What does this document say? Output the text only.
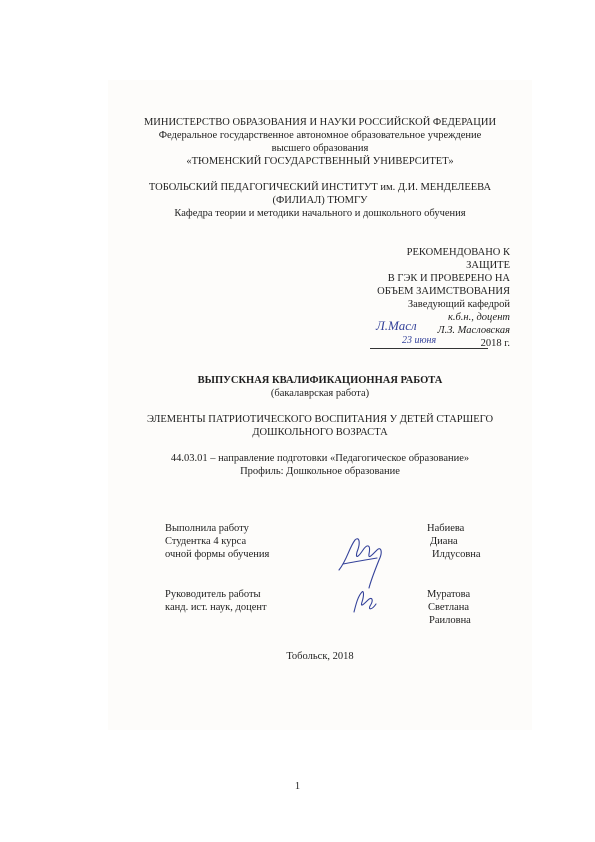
МИНИСТЕРСТВО ОБРАЗОВАНИЯ И НАУКИ РОССИЙСКОЙ ФЕДЕРАЦИИ
Федеральное государственное автономное образовательное учреждение
высшего образования
«ТЮМЕНСКИЙ ГОСУДАРСТВЕННЫЙ УНИВЕРСИТЕТ»
ТОБОЛЬСКИЙ ПЕДАГОГИЧЕСКИЙ ИНСТИТУТ им. Д.И. МЕНДЕЛЕЕВА
(ФИЛИАЛ) ТЮМГУ
Кафедра теории и методики начального и дошкольного обучения
РЕКОМЕНДОВАНО К
ЗАЩИТЕ
В ГЭК И ПРОВЕРЕНО НА
ОБЪЕМ ЗАИМСТВОВАНИЯ
Заведующий кафедрой
к.б.н., доцент
Л.З. Масловская
Л.Масл
23 июня	2018 г.
ВЫПУСКНАЯ КВАЛИФИКАЦИОННАЯ РАБОТА
(бакалаврская работа)
ЭЛЕМЕНТЫ ПАТРИОТИЧЕСКОГО ВОСПИТАНИЯ У ДЕТЕЙ СТАРШЕГО
ДОШКОЛЬНОГО ВОЗРАСТА
44.03.01 – направление подготовки «Педагогическое образование»
Профиль: Дошкольное образование
Выполнила работу
Студентка 4 курса
очной формы обучения
Набиева
Диана
Илдусовна
Руководитель работы
канд. ист. наук, доцент
Муратова
Светлана
Раиловна
Тобольск, 2018
1
